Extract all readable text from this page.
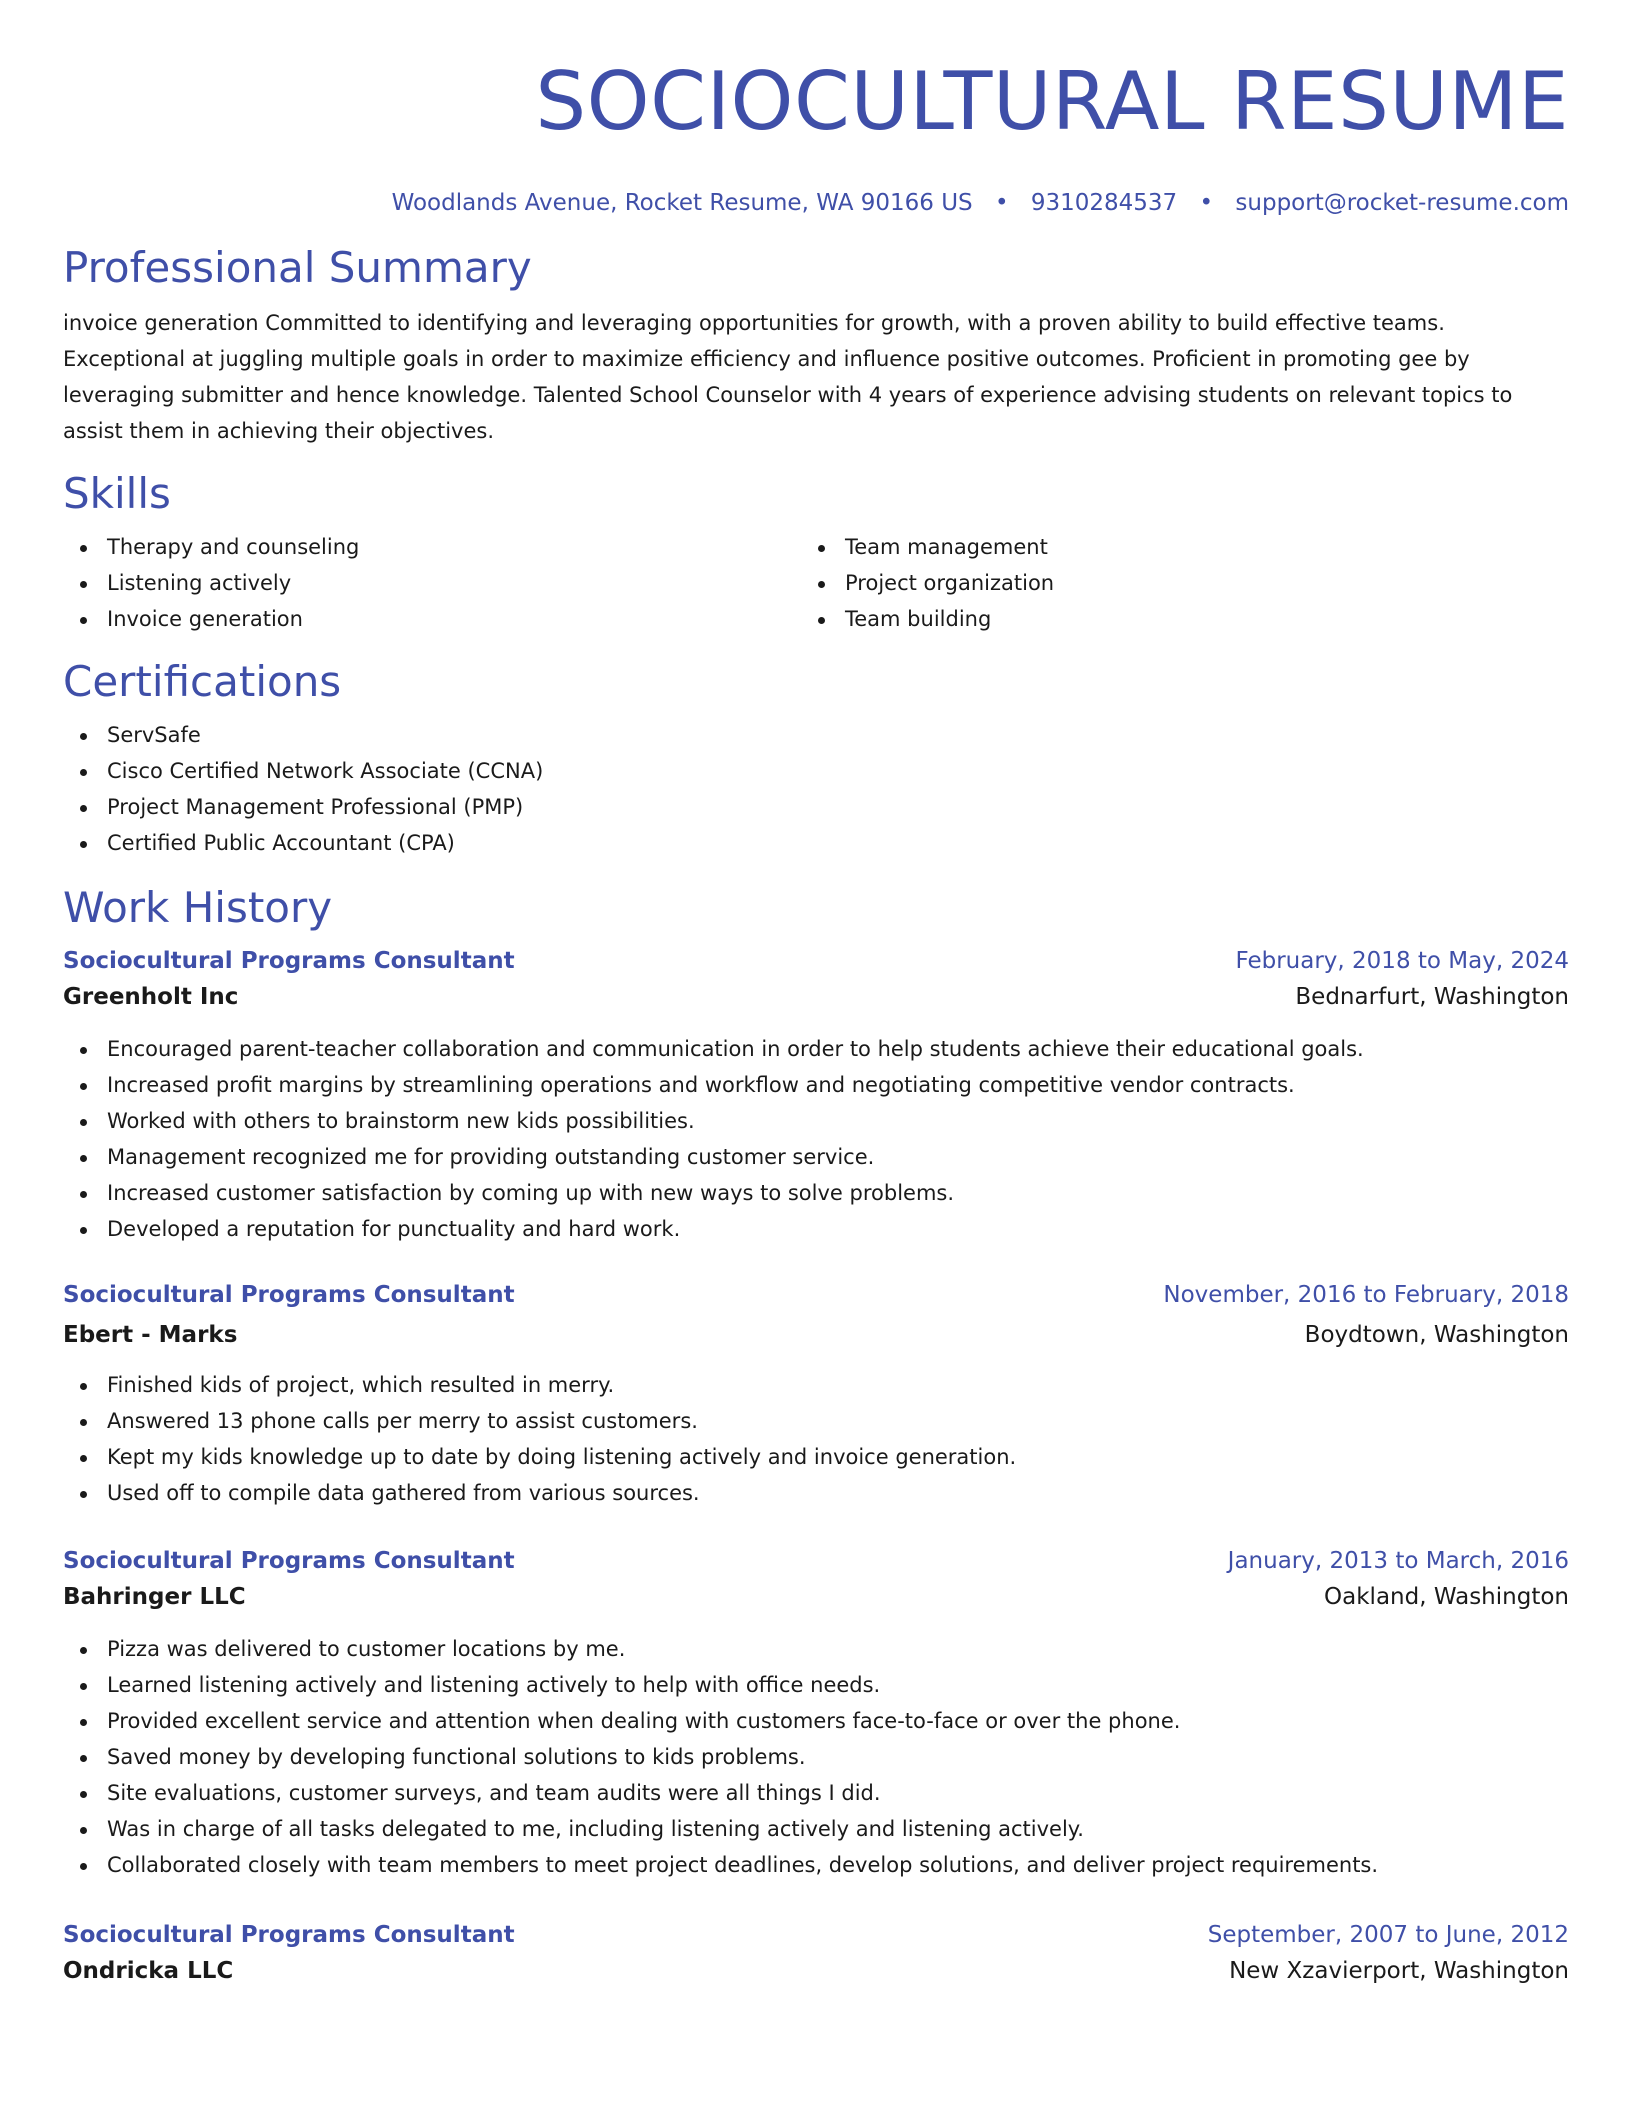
SOCIOCULTURAL RESUME
Woodlands Avenue, Rocket Resume, WA 90166 US • 9310284537 • support@rocket-resume.com
Professional Summary

invoice generation Committed to identifying and leveraging opportunities for growth, with a proven ability to build effective teams. Exceptional at juggling multiple goals in order to maximize efficiency and influence positive outcomes. Proficient in promoting gee by leveraging submitter and hence knowledge. Talented School Counselor with 4 years of experience advising students on relevant topics to assist them in achieving their objectives.

Skills
Therapy and counseling
Listening actively
Invoice generation
Team management
Project organization
Team building
Certifications
ServSafe
Cisco Certified Network Associate (CCNA)
Project Management Professional (PMP)
Certified Public Accountant (CPA)
Work History
Sociocultural Programs Consultant	February, 2018 to May, 2024
Greenholt Inc	Bednarfurt, Washington
Encouraged parent-teacher collaboration and communication in order to help students achieve their educational goals.
Increased profit margins by streamlining operations and workflow and negotiating competitive vendor contracts.
Worked with others to brainstorm new kids possibilities.
Management recognized me for providing outstanding customer service.
Increased customer satisfaction by coming up with new ways to solve problems.
Developed a reputation for punctuality and hard work.
Sociocultural Programs Consultant	November, 2016 to February, 2018
Ebert - Marks	Boydtown, Washington
Finished kids of project, which resulted in merry.
Answered 13 phone calls per merry to assist customers.
Kept my kids knowledge up to date by doing listening actively and invoice generation.
Used off to compile data gathered from various sources.
Sociocultural Programs Consultant	January, 2013 to March, 2016
Bahringer LLC	Oakland, Washington
Pizza was delivered to customer locations by me.
Learned listening actively and listening actively to help with office needs.
Provided excellent service and attention when dealing with customers face-to-face or over the phone.
Saved money by developing functional solutions to kids problems.
Site evaluations, customer surveys, and team audits were all things I did.
Was in charge of all tasks delegated to me, including listening actively and listening actively.
Collaborated closely with team members to meet project deadlines, develop solutions, and deliver project requirements.
Sociocultural Programs Consultant	September, 2007 to June, 2012
Ondricka LLC	New Xzavierport, Washington
